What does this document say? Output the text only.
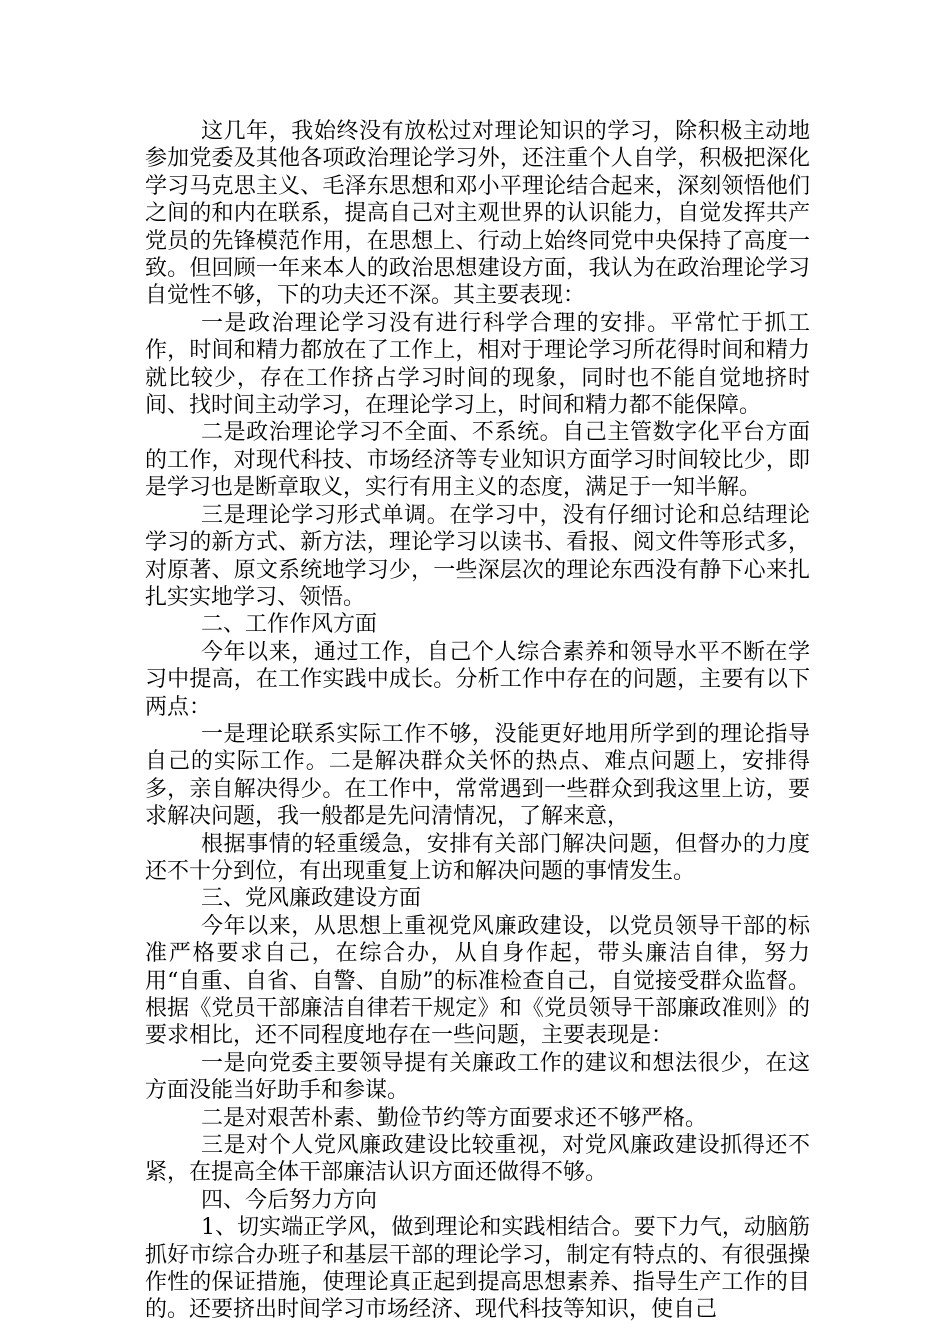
这几年，我始终没有放松过对理论知识的学习，除积极主动地参加党委及其他各项政治理论学习外，还注重个人自学，积极把深化学习马克思主义、毛泽东思想和邓小平理论结合起来，深刻领悟他们之间的和内在联系，提高自己对主观世界的认识能力，自觉发挥共产党员的先锋模范作用，在思想上、行动上始终同党中央保持了高度一致。但回顾一年来本人的政治思想建设方面，我认为在政治理论学习自觉性不够，下的功夫还不深。其主要表现：

一是政治理论学习没有进行科学合理的安排。平常忙于抓工作，时间和精力都放在了工作上，相对于理论学习所花得时间和精力就比较少，存在工作挤占学习时间的现象，同时也不能自觉地挤时间、找时间主动学习，在理论学习上，时间和精力都不能保障。

二是政治理论学习不全面、不系统。自己主管数字化平台方面的工作，对现代科技、市场经济等专业知识方面学习时间较比少，即是学习也是断章取义，实行有用主义的态度，满足于一知半解。

三是理论学习形式单调。在学习中，没有仔细讨论和总结理论学习的新方式、新方法，理论学习以读书、看报、阅文件等形式多，对原著、原文系统地学习少，一些深层次的理论东西没有静下心来扎扎实实地学习、领悟。

二、工作作风方面

今年以来，通过工作，自己个人综合素养和领导水平不断在学习中提高，在工作实践中成长。分析工作中存在的问题，主要有以下两点：

一是理论联系实际工作不够，没能更好地用所学到的理论指导自己的实际工作。二是解决群众关怀的热点、难点问题上，安排得多，亲自解决得少。在工作中，常常遇到一些群众到我这里上访，要求解决问题，我一般都是先问清情况，了解来意，

根据事情的轻重缓急，安排有关部门解决问题，但督办的力度还不十分到位，有出现重复上访和解决问题的事情发生。

三、党风廉政建设方面

今年以来，从思想上重视党风廉政建设，以党员领导干部的标准严格要求自己，在综合办，从自身作起，带头廉洁自律，努力用“自重、自省、自警、自励”的标准检查自己，自觉接受群众监督。根据《党员干部廉洁自律若干规定》和《党员领导干部廉政准则》的要求相比，还不同程度地存在一些问题，主要表现是：

一是向党委主要领导提有关廉政工作的建议和想法很少，在这方面没能当好助手和参谋。

二是对艰苦朴素、勤俭节约等方面要求还不够严格。

三是对个人党风廉政建设比较重视，对党风廉政建设抓得还不紧，在提高全体干部廉洁认识方面还做得不够。

四、今后努力方向

1、切实端正学风，做到理论和实践相结合。要下力气，动脑筋抓好市综合办班子和基层干部的理论学习，制定有特点的、有很强操作性的保证措施，使理论真正起到提高思想素养、指导生产工作的目的。还要挤出时间学习市场经济、现代科技等知识，使自己
